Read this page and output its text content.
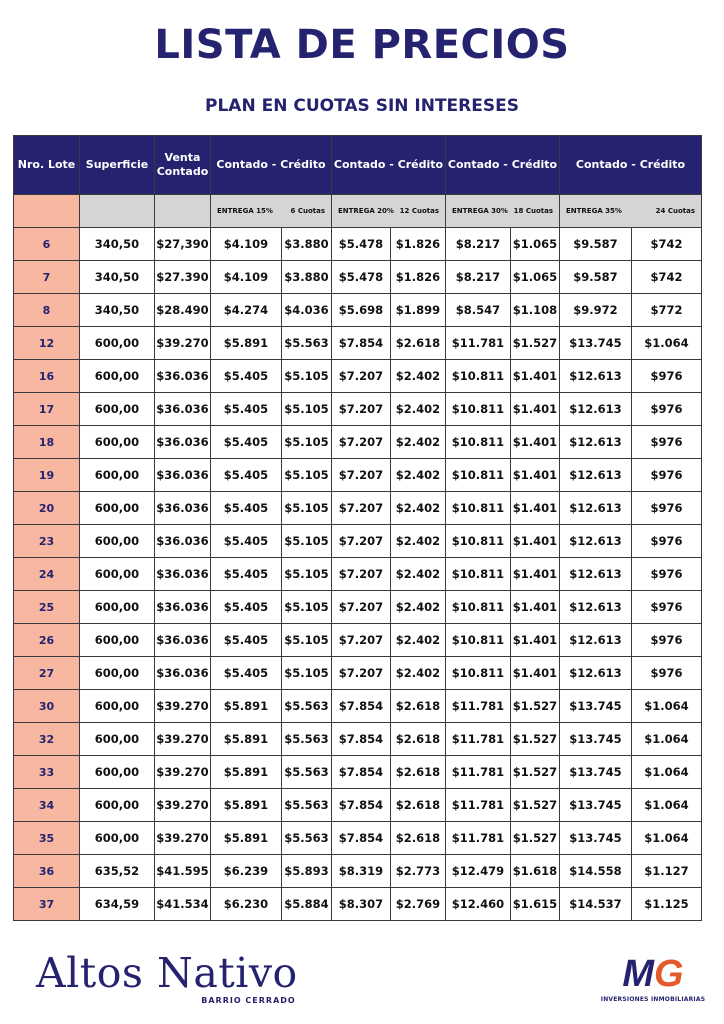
LISTA DE PRECIOS
PLAN EN CUOTAS SIN INTERESES
Nro. Lote	Superficie	Venta Contado	Contado - Crédito		Contado - Crédito		Contado - Crédito		Contado - Crédito	

			ENTREGA 15% 6 Cuotas		ENTREGA 20% 12 Cuotas		ENTREGA 30% 18 Cuotas		ENTREGA 35% 24 Cuotas	

6	340,50	$27,390	$4.109	$3.880	$5.478	$1.826	$8.217	$1.065	$9.587	$742
7	340,50	$27.390	$4.109	$3.880	$5.478	$1.826	$8.217	$1.065	$9.587	$742
8	340,50	$28.490	$4.274	$4.036	$5.698	$1.899	$8.547	$1.108	$9.972	$772
12	600,00	$39.270	$5.891	$5.563	$7.854	$2.618	$11.781	$1.527	$13.745	$1.064
16	600,00	$36.036	$5.405	$5.105	$7.207	$2.402	$10.811	$1.401	$12.613	$976
17	600,00	$36.036	$5.405	$5.105	$7.207	$2.402	$10.811	$1.401	$12.613	$976
18	600,00	$36.036	$5.405	$5.105	$7.207	$2.402	$10.811	$1.401	$12.613	$976
19	600,00	$36.036	$5.405	$5.105	$7.207	$2.402	$10.811	$1.401	$12.613	$976
20	600,00	$36.036	$5.405	$5.105	$7.207	$2.402	$10.811	$1.401	$12.613	$976
23	600,00	$36.036	$5.405	$5.105	$7.207	$2.402	$10.811	$1.401	$12.613	$976
24	600,00	$36.036	$5.405	$5.105	$7.207	$2.402	$10.811	$1.401	$12.613	$976
25	600,00	$36.036	$5.405	$5.105	$7.207	$2.402	$10.811	$1.401	$12.613	$976
26	600,00	$36.036	$5.405	$5.105	$7.207	$2.402	$10.811	$1.401	$12.613	$976
27	600,00	$36.036	$5.405	$5.105	$7.207	$2.402	$10.811	$1.401	$12.613	$976
30	600,00	$39.270	$5.891	$5.563	$7.854	$2.618	$11.781	$1.527	$13.745	$1.064
32	600,00	$39.270	$5.891	$5.563	$7.854	$2.618	$11.781	$1.527	$13.745	$1.064
33	600,00	$39.270	$5.891	$5.563	$7.854	$2.618	$11.781	$1.527	$13.745	$1.064
34	600,00	$39.270	$5.891	$5.563	$7.854	$2.618	$11.781	$1.527	$13.745	$1.064
35	600,00	$39.270	$5.891	$5.563	$7.854	$2.618	$11.781	$1.527	$13.745	$1.064
36	635,52	$41.595	$6.239	$5.893	$8.319	$2.773	$12.479	$1.618	$14.558	$1.127
37	634,59	$41.534	$6.230	$5.884	$8.307	$2.769	$12.460	$1.615	$14.537	$1.125
Altos Nativo
BARRIO CERRADO
MG
INVERSIONES INMOBILIARIAS
